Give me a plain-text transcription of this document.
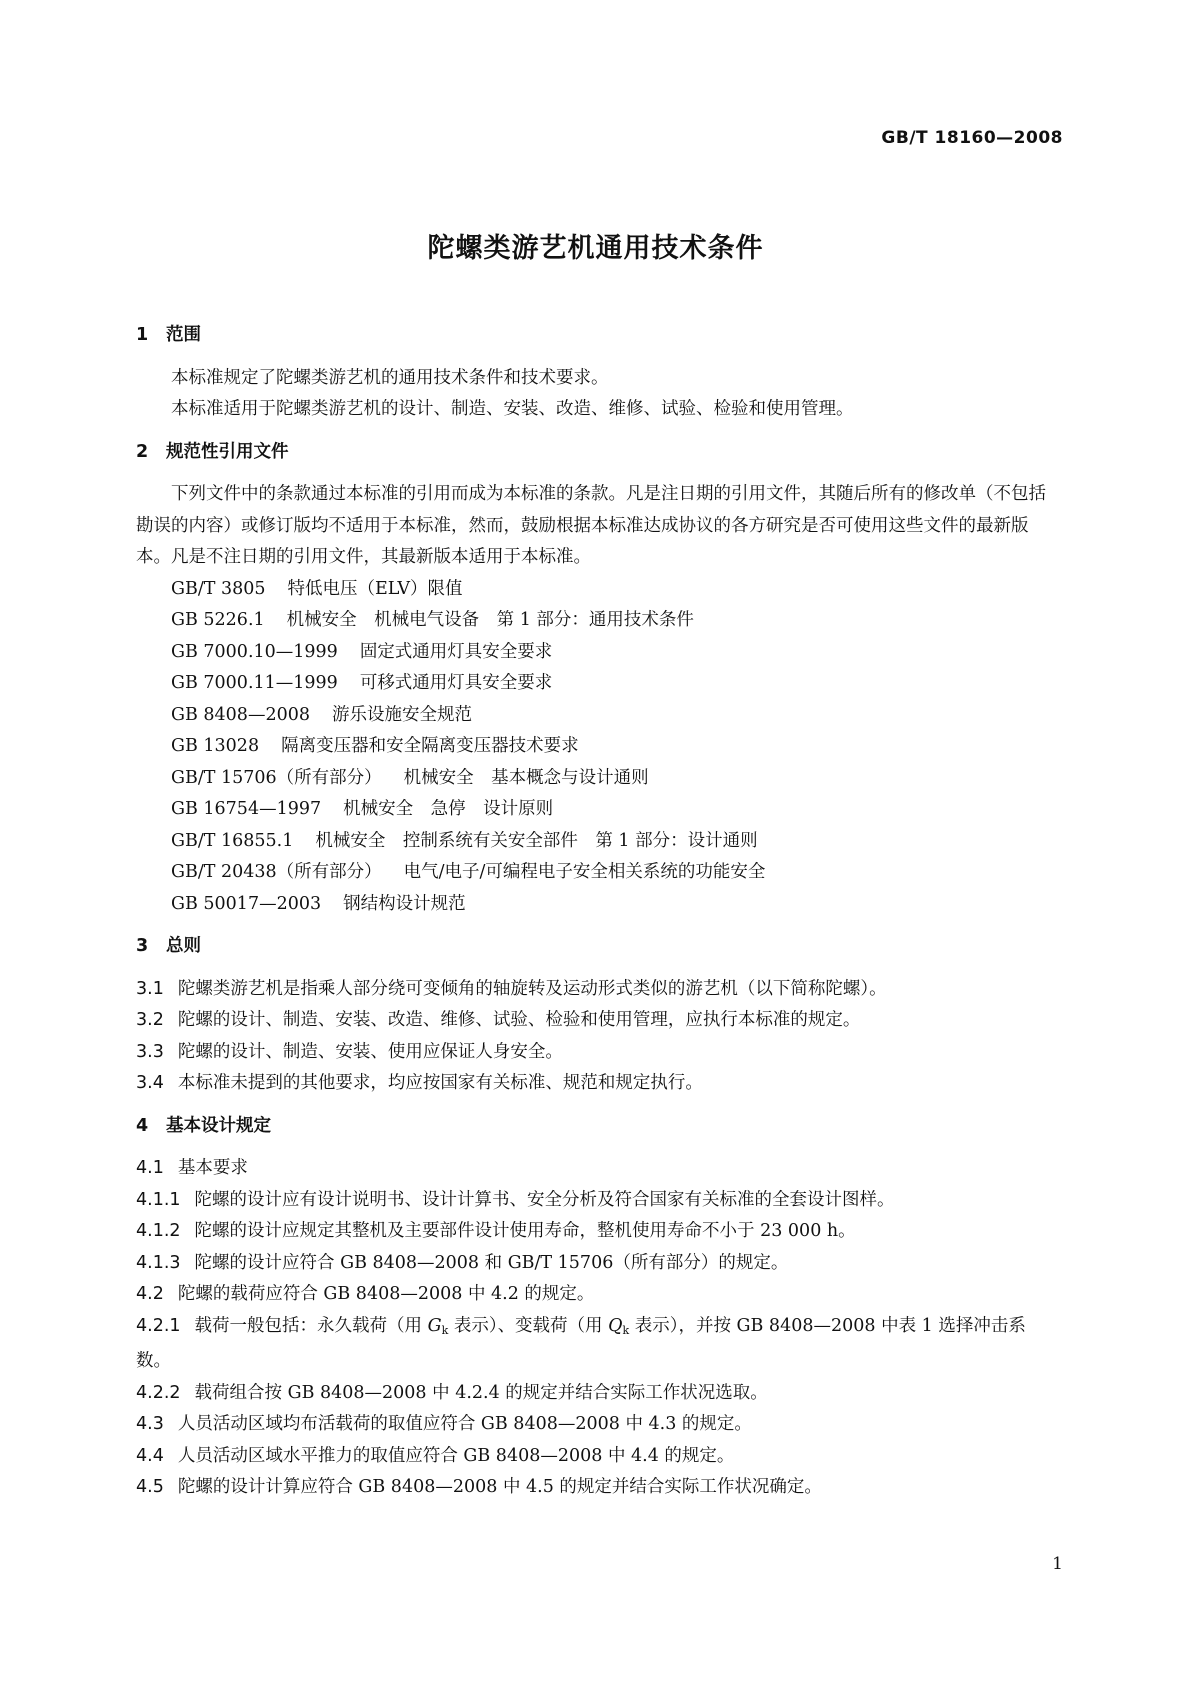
GB/T 18160—2008
陀螺类游艺机通用技术条件
1 范围
本标准规定了陀螺类游艺机的通用技术条件和技术要求。
本标准适用于陀螺类游艺机的设计、制造、安装、改造、维修、试验、检验和使用管理。
2 规范性引用文件
下列文件中的条款通过本标准的引用而成为本标准的条款。凡是注日期的引用文件，其随后所有的修改单（不包括勘误的内容）或修订版均不适用于本标准，然而，鼓励根据本标准达成协议的各方研究是否可使用这些文件的最新版本。凡是不注日期的引用文件，其最新版本适用于本标准。
GB/T 3805 特低电压（ELV）限值
GB 5226.1 机械安全　机械电气设备　第 1 部分：通用技术条件
GB 7000.10—1999 固定式通用灯具安全要求
GB 7000.11—1999 可移式通用灯具安全要求
GB 8408—2008 游乐设施安全规范
GB 13028 隔离变压器和安全隔离变压器技术要求
GB/T 15706（所有部分） 机械安全　基本概念与设计通则
GB 16754—1997 机械安全　急停　设计原则
GB/T 16855.1 机械安全　控制系统有关安全部件　第 1 部分：设计通则
GB/T 20438（所有部分） 电气/电子/可编程电子安全相关系统的功能安全
GB 50017—2003 钢结构设计规范
3 总则
3.1 陀螺类游艺机是指乘人部分绕可变倾角的轴旋转及运动形式类似的游艺机（以下简称陀螺）。
3.2 陀螺的设计、制造、安装、改造、维修、试验、检验和使用管理，应执行本标准的规定。
3.3 陀螺的设计、制造、安装、使用应保证人身安全。
3.4 本标准未提到的其他要求，均应按国家有关标准、规范和规定执行。
4 基本设计规定
4.1 基本要求
4.1.1 陀螺的设计应有设计说明书、设计计算书、安全分析及符合国家有关标准的全套设计图样。
4.1.2 陀螺的设计应规定其整机及主要部件设计使用寿命，整机使用寿命不小于 23 000 h。
4.1.3 陀螺的设计应符合 GB 8408—2008 和 GB/T 15706（所有部分）的规定。
4.2 陀螺的载荷应符合 GB 8408—2008 中 4.2 的规定。
4.2.1 载荷一般包括：永久载荷（用 $G_k$ 表示）、变载荷（用 $Q_k$ 表示），并按 GB 8408—2008 中表 1 选择冲击系数。
4.2.2 载荷组合按 GB 8408—2008 中 4.2.4 的规定并结合实际工作状况选取。
4.3 人员活动区域均布活载荷的取值应符合 GB 8408—2008 中 4.3 的规定。
4.4 人员活动区域水平推力的取值应符合 GB 8408—2008 中 4.4 的规定。
4.5 陀螺的设计计算应符合 GB 8408—2008 中 4.5 的规定并结合实际工作状况确定。
1
